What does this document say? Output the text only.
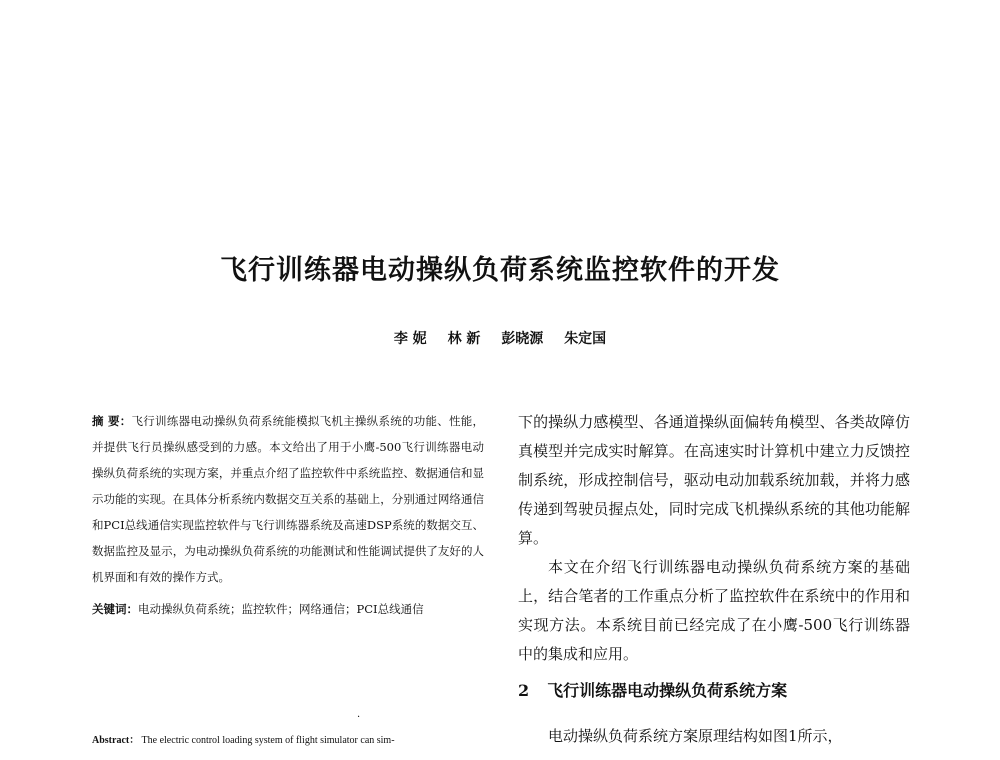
飞行训练器电动操纵负荷系统监控软件的开发
李 妮 林 新 彭晓源 朱定国
摘 要：飞行训练器电动操纵负荷系统能模拟飞机主操纵系统的功能、性能，并提供飞行员操纵感受到的力感。本文给出了用于小鹰-500飞行训练器电动操纵负荷系统的实现方案，并重点介绍了监控软件中系统监控、数据通信和显示功能的实现。在具体分析系统内数据交互关系的基础上，分别通过网络通信和PCI总线通信实现监控软件与飞行训练器系统及高速DSP系统的数据交互、数据监控及显示，为电动操纵负荷系统的功能测试和性能调试提供了友好的人机界面和有效的操作方式。
关键词：电动操纵负荷系统；监控软件；网络通信；PCI总线通信
·
Abstract： The electric control loading system of flight simulator can sim-

下的操纵力感模型、各通道操纵面偏转角模型、各类故障仿真模型并完成实时解算。在高速实时计算机中建立力反馈控制系统，形成控制信号，驱动电动加载系统加载，并将力感传递到驾驶员握点处，同时完成飞机操纵系统的其他功能解算。

本文在介绍飞行训练器电动操纵负荷系统方案的基础上，结合笔者的工作重点分析了监控软件在系统中的作用和实现方法。本系统目前已经完成了在小鹰-500飞行训练器中的集成和应用。

2 飞行训练器电动操纵负荷系统方案
电动操纵负荷系统方案原理结构如图1所示，
